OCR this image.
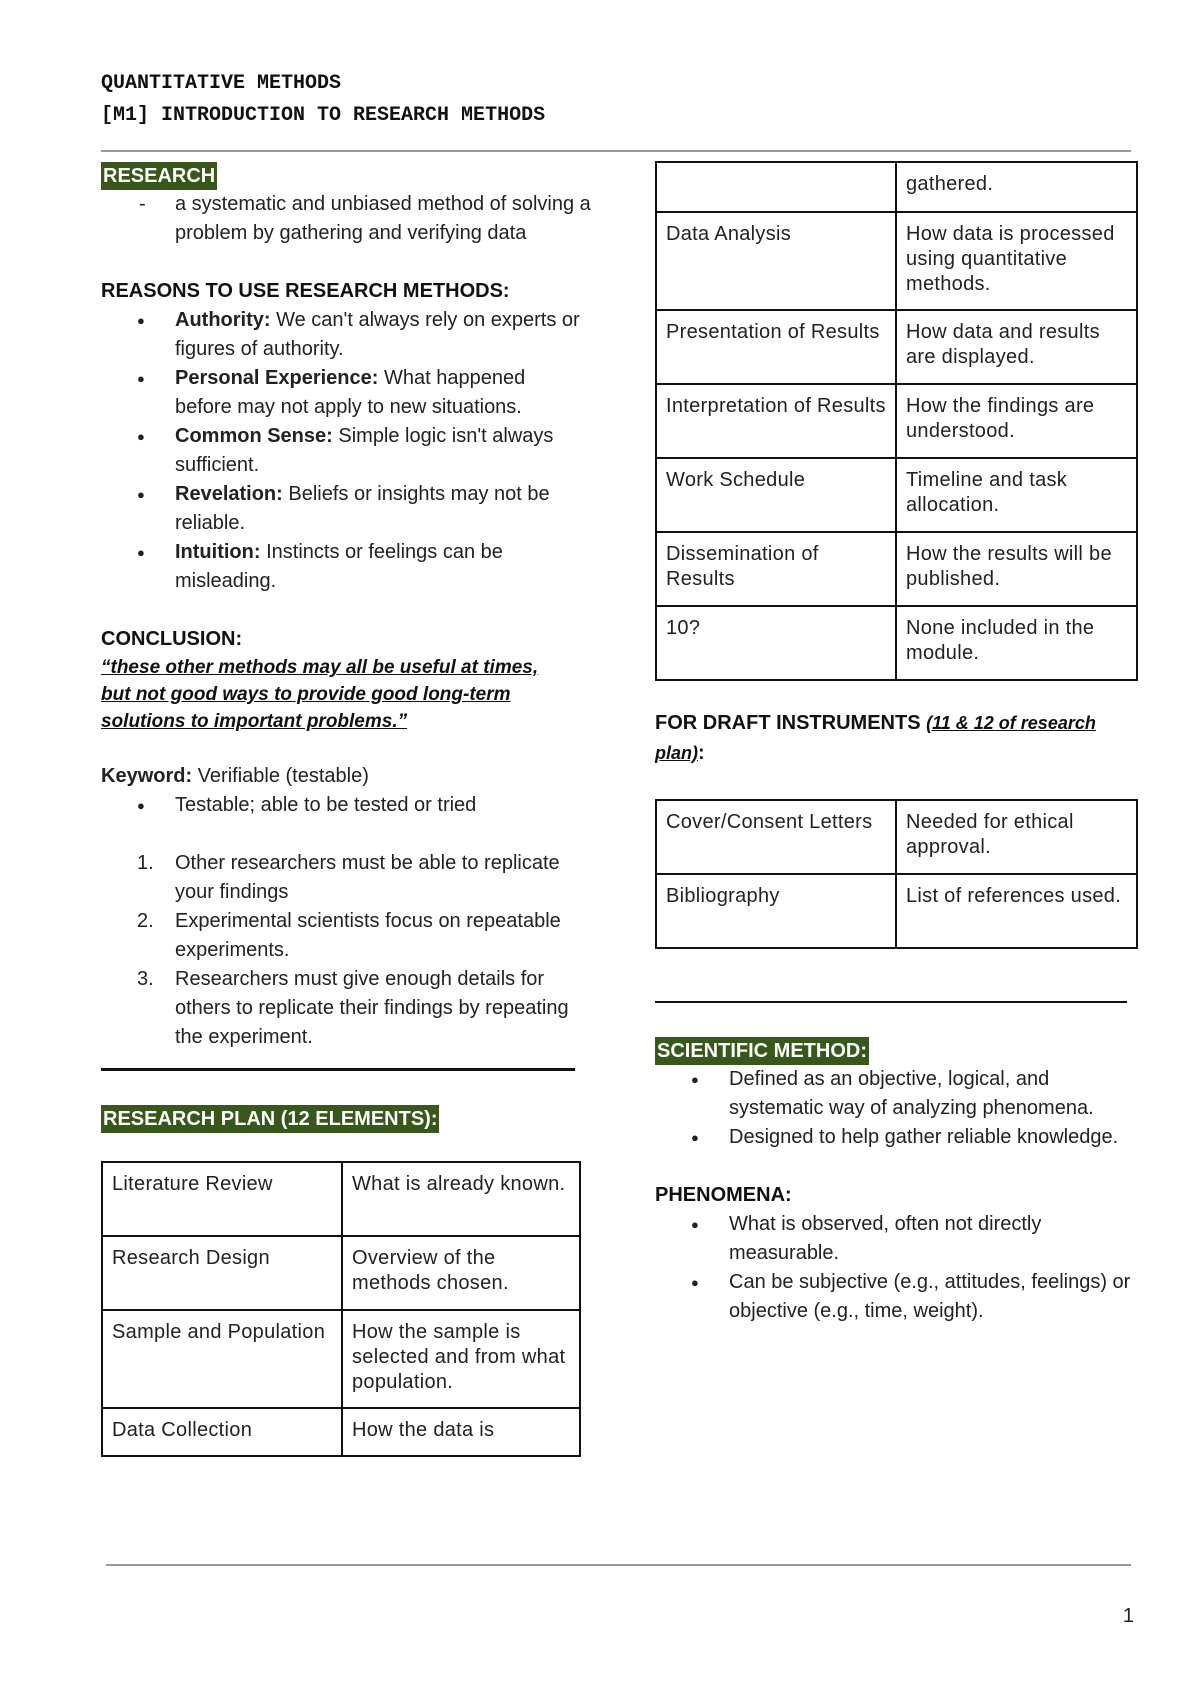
QUANTITATIVE METHODS
[M1] INTRODUCTION TO RESEARCH METHODS
RESEARCH
- a systematic and unbiased method of solving a problem by gathering and verifying data
REASONS TO USE RESEARCH METHODS:
● Authority: We can't always rely on experts or figures of authority.
● Personal Experience: What happened before may not apply to new situations.
● Common Sense: Simple logic isn't always sufficient.
● Revelation: Beliefs or insights may not be reliable.
● Intuition: Instincts or feelings can be misleading.
CONCLUSION:
“these other methods may all be useful at times, but not good ways to provide good long-term solutions to important problems.”

Keyword: Verifiable (testable)

● Testable; able to be tested or tried
1. Other researchers must be able to replicate your findings
2. Experimental scientists focus on repeatable experiments.
3. Researchers must give enough details for others to replicate their findings by repeating the experiment.
RESEARCH PLAN (12 ELEMENTS):
Literature Review	What is already known.
Research Design	Overview of the methods chosen.
Sample and Population	How the sample is selected and from what population.
Data Collection	How the data is
	gathered.
Data Analysis	How data is processed using quantitative methods.
Presentation of Results	How data and results are displayed.
Interpretation of Results	How the findings are understood.
Work Schedule	Timeline and task allocation.
Dissemination of Results	How the results will be published.
10?	None included in the module.
FOR DRAFT INSTRUMENTS (11 & 12 of research plan):
Cover/Consent Letters	Needed for ethical approval.
Bibliography	List of references used.
SCIENTIFIC METHOD:
● Defined as an objective, logical, and systematic way of analyzing phenomena.
● Designed to help gather reliable knowledge.
PHENOMENA:
● What is observed, often not directly measurable.
● Can be subjective (e.g., attitudes, feelings) or objective (e.g., time, weight).
1
